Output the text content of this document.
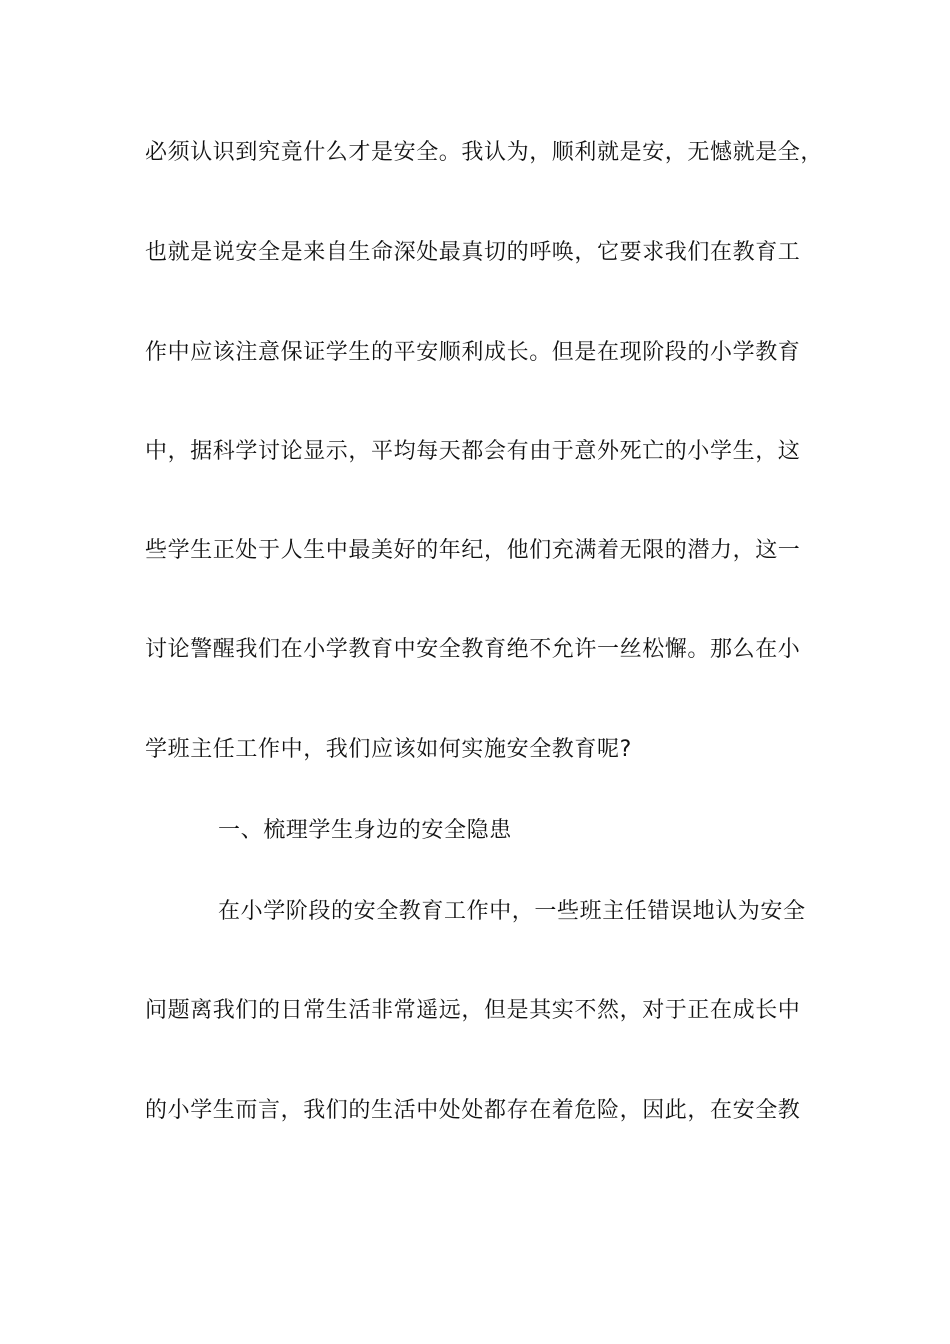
必须认识到究竟什么才是安全。我认为，顺利就是安，无憾就是全，
也就是说安全是来自生命深处最真切的呼唤，它要求我们在教育工
作中应该注意保证学生的平安顺利成长。但是在现阶段的小学教育
中，据科学讨论显示，平均每天都会有由于意外死亡的小学生，这
些学生正处于人生中最美好的年纪，他们充满着无限的潜力，这一
讨论警醒我们在小学教育中安全教育绝不允许一丝松懈。那么在小
学班主任工作中，我们应该如何实施安全教育呢?
一、梳理学生身边的安全隐患
在小学阶段的安全教育工作中，一些班主任错误地认为安全
问题离我们的日常生活非常遥远，但是其实不然，对于正在成长中
的小学生而言，我们的生活中处处都存在着危险，因此，在安全教
